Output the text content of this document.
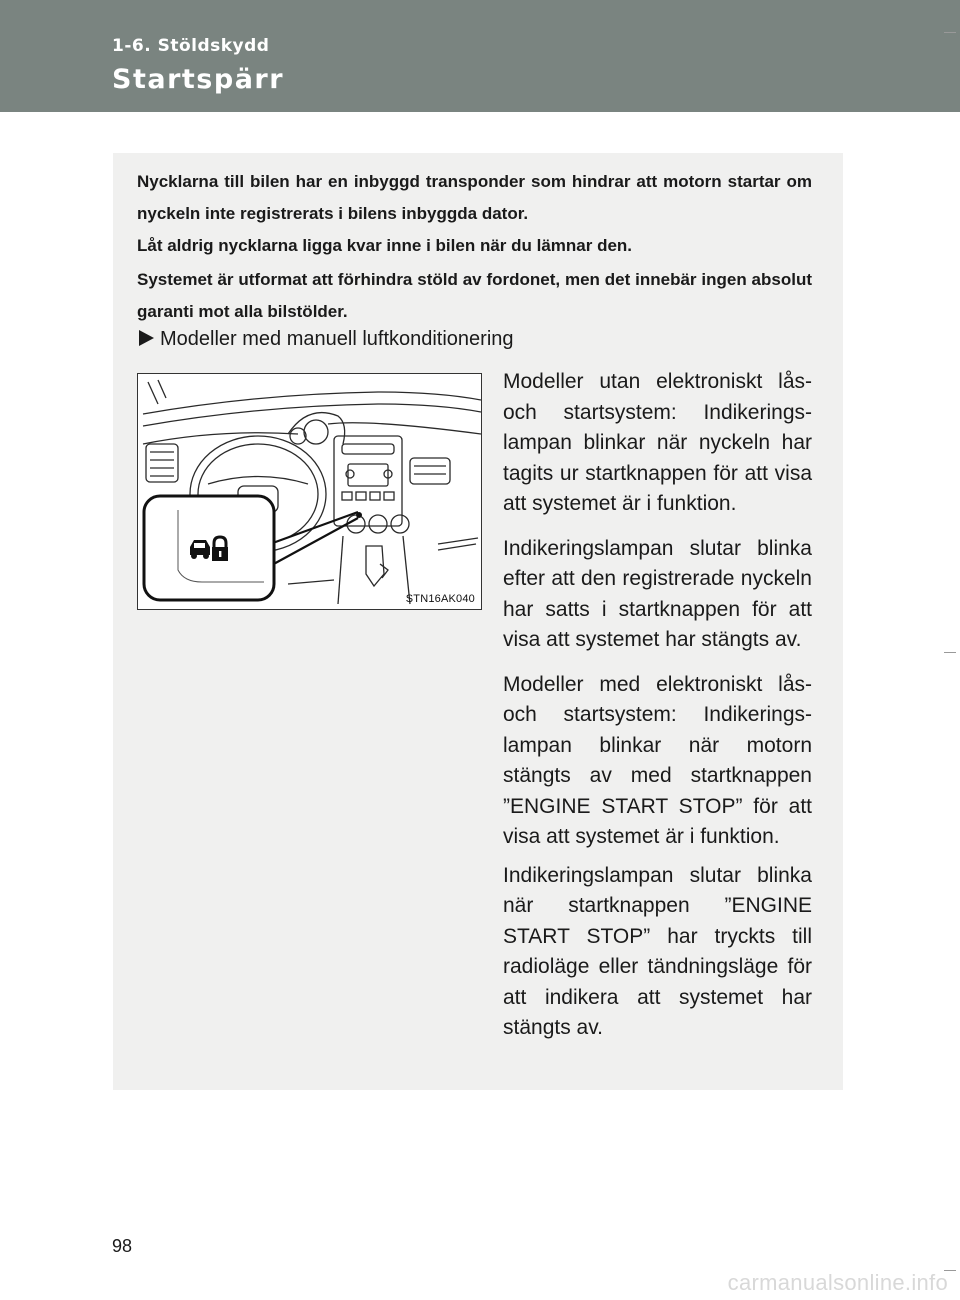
1-6. Stöldskydd
Startspärr

Nycklarna till bilen har en inbyggd transponder som hindrar att motorn startar om nyckeln inte registrerats i bilens inbyggda dator.

Låt aldrig nycklarna ligga kvar inne i bilen när du lämnar den.

Systemet är utformat att förhindra stöld av fordonet, men det innebär ingen absolut garanti mot alla bilstölder.

Modeller med manuell luftkonditionering
STN16AK040

Modeller utan elektroniskt lås- och startsystem: Indikeringslampan blinkar när nyckeln har tagits ur startknappen för att visa att systemet är i funktion.

Indikeringslampan slutar blinka efter att den registrerade nyckeln har satts i startknappen för att visa att systemet har stängts av.

Modeller med elektroniskt lås- och startsystem: Indikeringslampan blinkar när motorn stängts av med startknappen ”ENGINE START STOP” för att visa att systemet är i funktion.

Indikeringslampan slutar blinka när startknappen ”ENGINE START STOP” har tryckts till radioläge eller tändningsläge för att indikera att systemet har stängts av.

98
carmanualsonline.info
